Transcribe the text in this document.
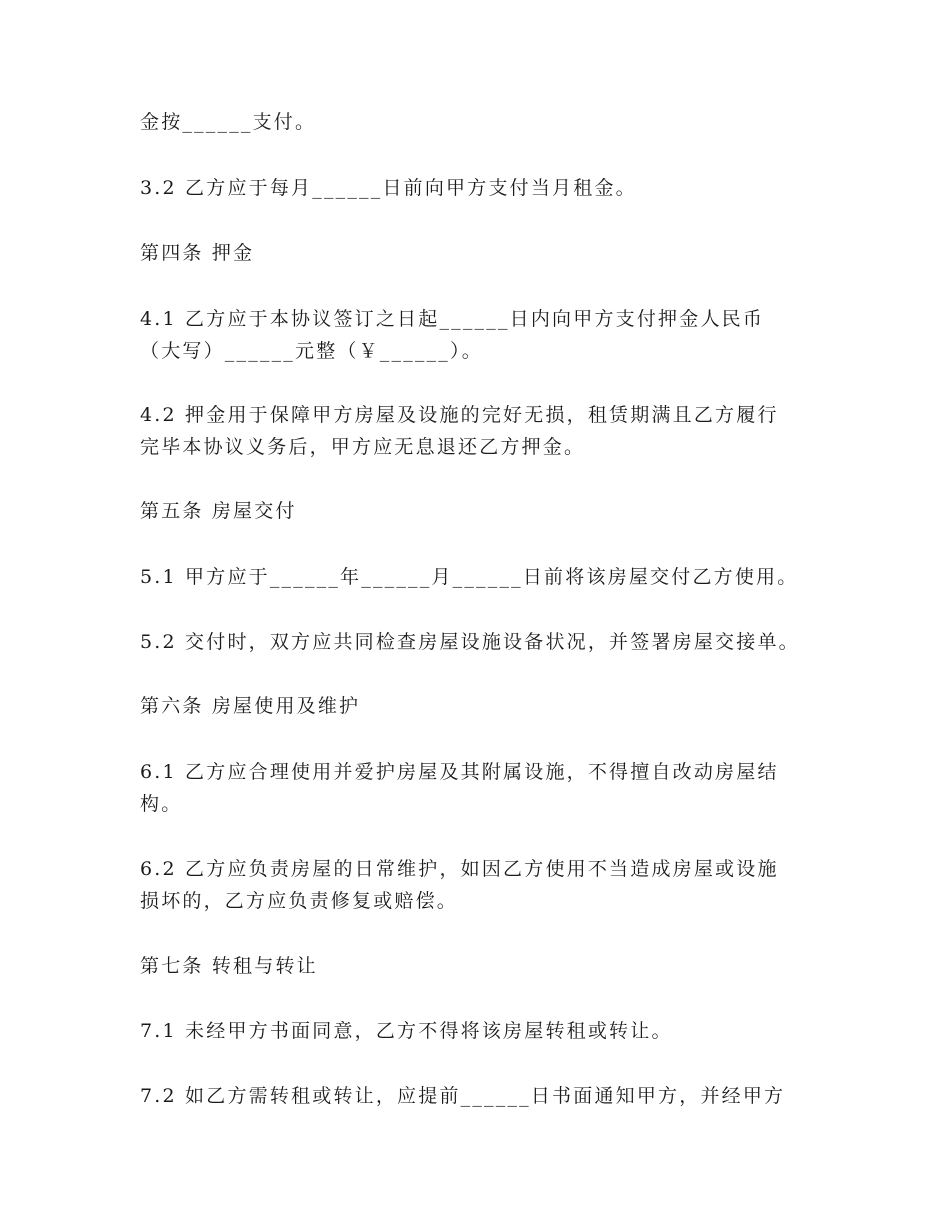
金按______支付。
3.2 乙方应于每月______日前向甲方支付当月租金。
第四条 押金
4.1 乙方应于本协议签订之日起______日内向甲方支付押金人民币
（大写）______元整（￥______）。
4.2 押金用于保障甲方房屋及设施的完好无损，租赁期满且乙方履行
完毕本协议义务后，甲方应无息退还乙方押金。
第五条 房屋交付
5.1 甲方应于______年______月______日前将该房屋交付乙方使用。
5.2 交付时，双方应共同检查房屋设施设备状况，并签署房屋交接单。
第六条 房屋使用及维护
6.1 乙方应合理使用并爱护房屋及其附属设施，不得擅自改动房屋结
构。
6.2 乙方应负责房屋的日常维护，如因乙方使用不当造成房屋或设施
损坏的，乙方应负责修复或赔偿。
第七条 转租与转让
7.1 未经甲方书面同意，乙方不得将该房屋转租或转让。
7.2 如乙方需转租或转让，应提前______日书面通知甲方，并经甲方
